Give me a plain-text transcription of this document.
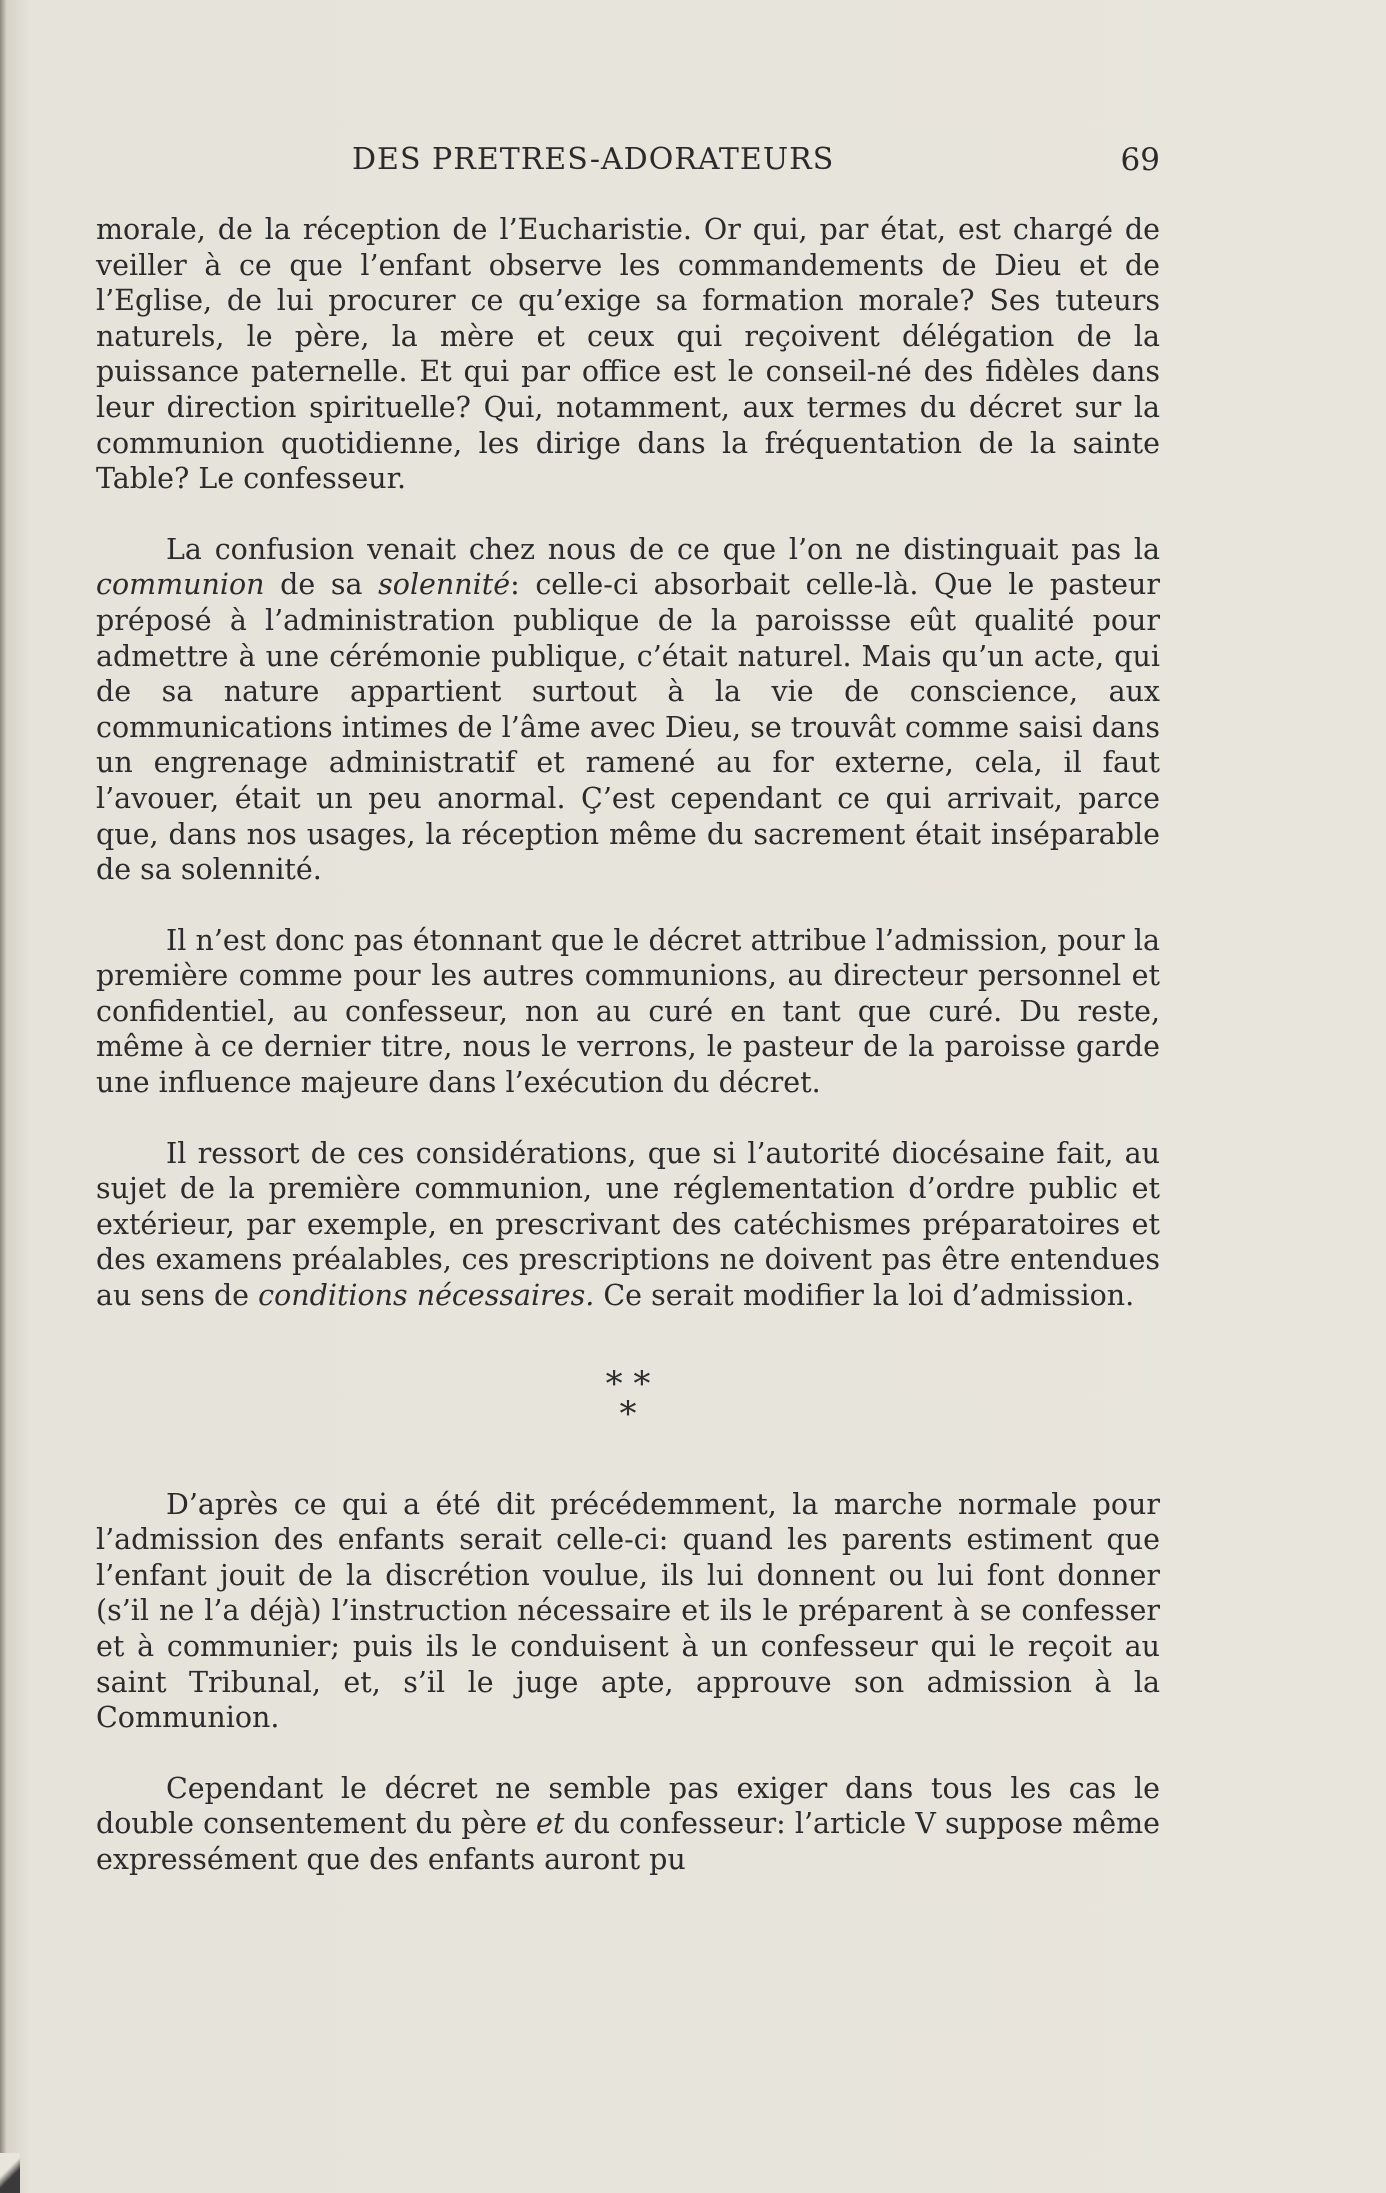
DES PRETRES-ADORATEURS	69

morale, de la réception de l’Eucharistie. Or qui, par état, est chargé de veiller à ce que l’enfant observe les commandements de Dieu et de l’Eglise, de lui procurer ce qu’exige sa formation morale? Ses tuteurs naturels, le père, la mère et ceux qui reçoivent délégation de la puissance paternelle. Et qui par office est le conseil-né des fidèles dans leur direction spirituelle? Qui, notamment, aux termes du décret sur la communion quotidienne, les dirige dans la fréquentation de la sainte Table? Le confesseur.

La confusion venait chez nous de ce que l’on ne distinguait pas la communion de sa solennité: celle-ci absorbait celle-là. Que le pasteur préposé à l’administration publique de la paroissse eût qualité pour admettre à une cérémonie publique, c’était naturel. Mais qu’un acte, qui de sa nature appartient surtout à la vie de conscience, aux communications intimes de l’âme avec Dieu, se trouvât comme saisi dans un engrenage administratif et ramené au for externe, cela, il faut l’avouer, était un peu anormal. Ç’est cependant ce qui arrivait, parce que, dans nos usages, la réception même du sacrement était inséparable de sa solennité.

Il n’est donc pas étonnant que le décret attribue l’admission, pour la première comme pour les autres communions, au directeur personnel et confidentiel, au confesseur, non au curé en tant que curé. Du reste, même à ce dernier titre, nous le verrons, le pasteur de la paroisse garde une influence majeure dans l’exécution du décret.

Il ressort de ces considérations, que si l’autorité diocésaine fait, au sujet de la première communion, une réglementation d’ordre public et extérieur, par exemple, en prescrivant des catéchismes préparatoires et des examens préalables, ces prescriptions ne doivent pas être entendues au sens de conditions nécessaires. Ce serait modifier la loi d’admission.

* *
*

D’après ce qui a été dit précédemment, la marche normale pour l’admission des enfants serait celle-ci: quand les parents estiment que l’enfant jouit de la discrétion voulue, ils lui donnent ou lui font donner (s’il ne l’a déjà) l’instruction nécessaire et ils le préparent à se confesser et à communier; puis ils le conduisent à un confesseur qui le reçoit au saint Tribunal, et, s’il le juge apte, approuve son admission à la Communion.

Cependant le décret ne semble pas exiger dans tous les cas le double consentement du père et du confesseur: l’article V suppose même expressément que des enfants auront pu
